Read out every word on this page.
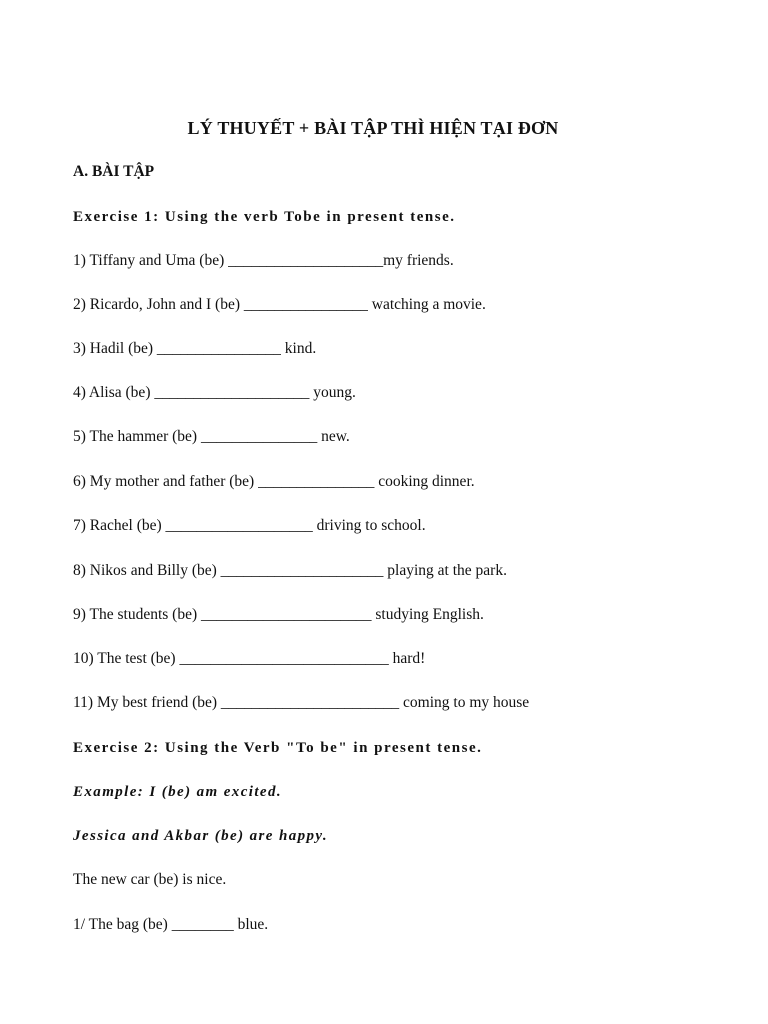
LÝ THUYẾT + BÀI TẬP THÌ HIỆN TẠI ĐƠN
A. BÀI TẬP
Exercise 1: Using the verb Tobe in present tense.
1) Tiffany and Uma (be) ____________________my friends.
2) Ricardo, John and I (be) ________________ watching a movie.
3) Hadil (be) ________________ kind.
4) Alisa (be) ____________________ young.
5) The hammer (be) _______________ new.
6) My mother and father (be) _______________ cooking dinner.
7) Rachel (be) ___________________ driving to school.
8) Nikos and Billy (be) _____________________ playing at the park.
9) The students (be) ______________________ studying English.
10) The test (be) ___________________________ hard!
11) My best friend (be) _______________________ coming to my house
Exercise 2: Using the Verb "To be" in present tense.
Example: I (be) am excited.
Jessica and Akbar (be) are happy.
The new car (be) is nice.
1/ The bag (be) ________ blue.
